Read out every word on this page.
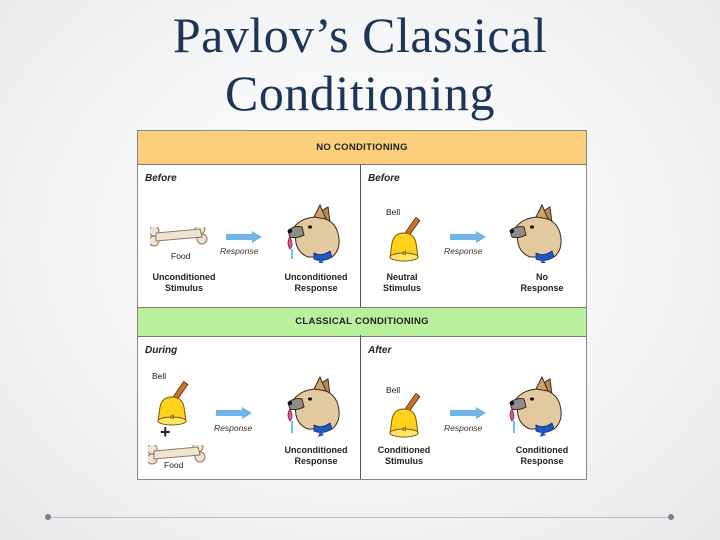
Pavlov’s Classical
Conditioning
NO CONDITIONING
CLASSICAL CONDITIONING
Before
Food	Response
Unconditioned
Stimulus
Unconditioned
Response
Before
Bell
Response
Neutral
Stimulus
No
Response
During
Bell
+
Food
Response
Unconditioned
Response
After
Bell
Response
Conditioned
Stimulus
Conditioned
Response
